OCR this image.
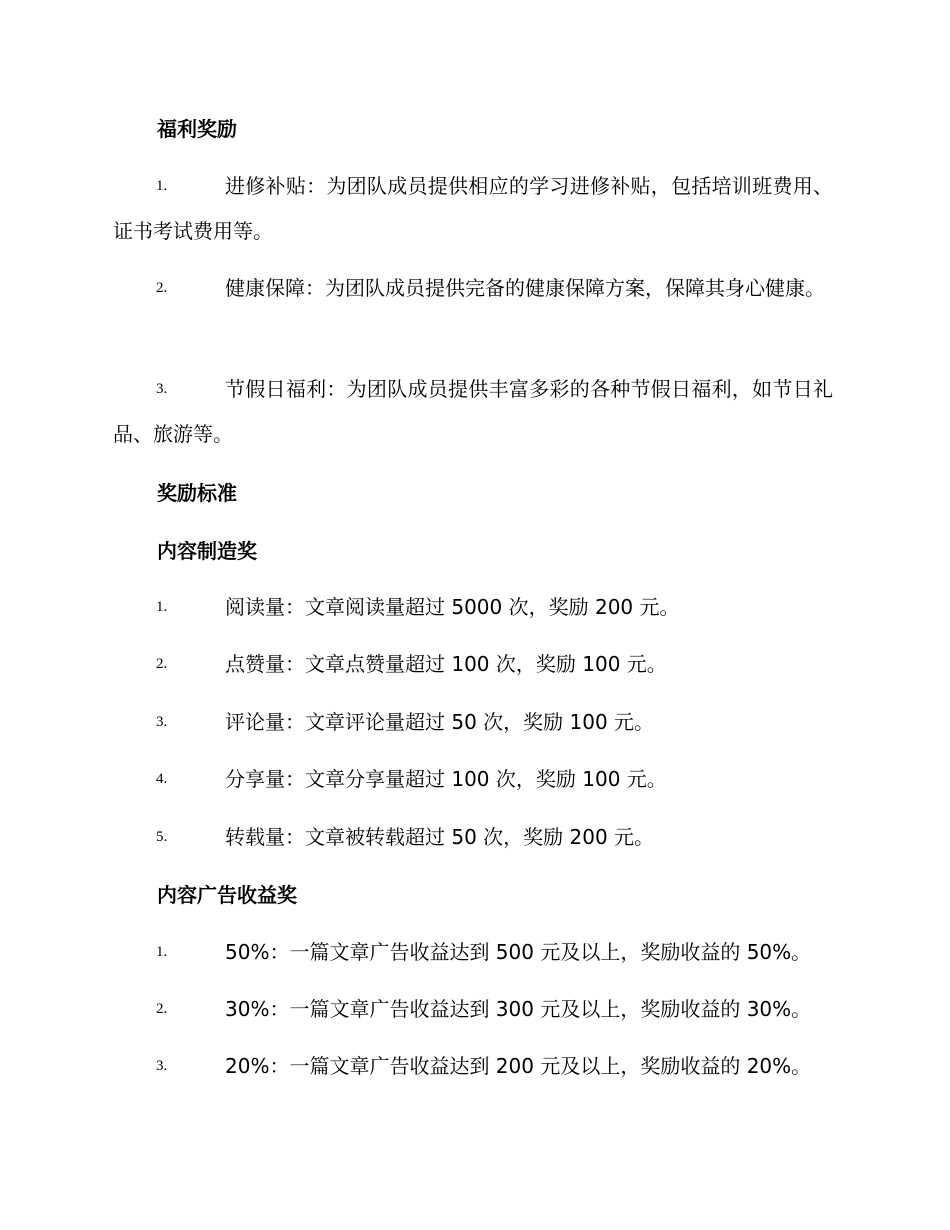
福利奖励
1.	进修补贴：为团队成员提供相应的学习进修补贴，包括培训班费用、证书考试费用等。

2.	健康保障：为团队成员提供完备的健康保障方案，保障其身心健康。

3.	节假日福利：为团队成员提供丰富多彩的各种节假日福利，如节日礼品、旅游等。

奖励标准
内容制造奖
1.	阅读量：文章阅读量超过 5000 次，奖励 200 元。

2.	点赞量：文章点赞量超过 100 次，奖励 100 元。

3.	评论量：文章评论量超过 50 次，奖励 100 元。

4.	分享量：文章分享量超过 100 次，奖励 100 元。

5.	转载量：文章被转载超过 50 次，奖励 200 元。

内容广告收益奖
1.	50%：一篇文章广告收益达到 500 元及以上，奖励收益的 50%。

2.	30%：一篇文章广告收益达到 300 元及以上，奖励收益的 30%。

3.	20%：一篇文章广告收益达到 200 元及以上，奖励收益的 20%。
